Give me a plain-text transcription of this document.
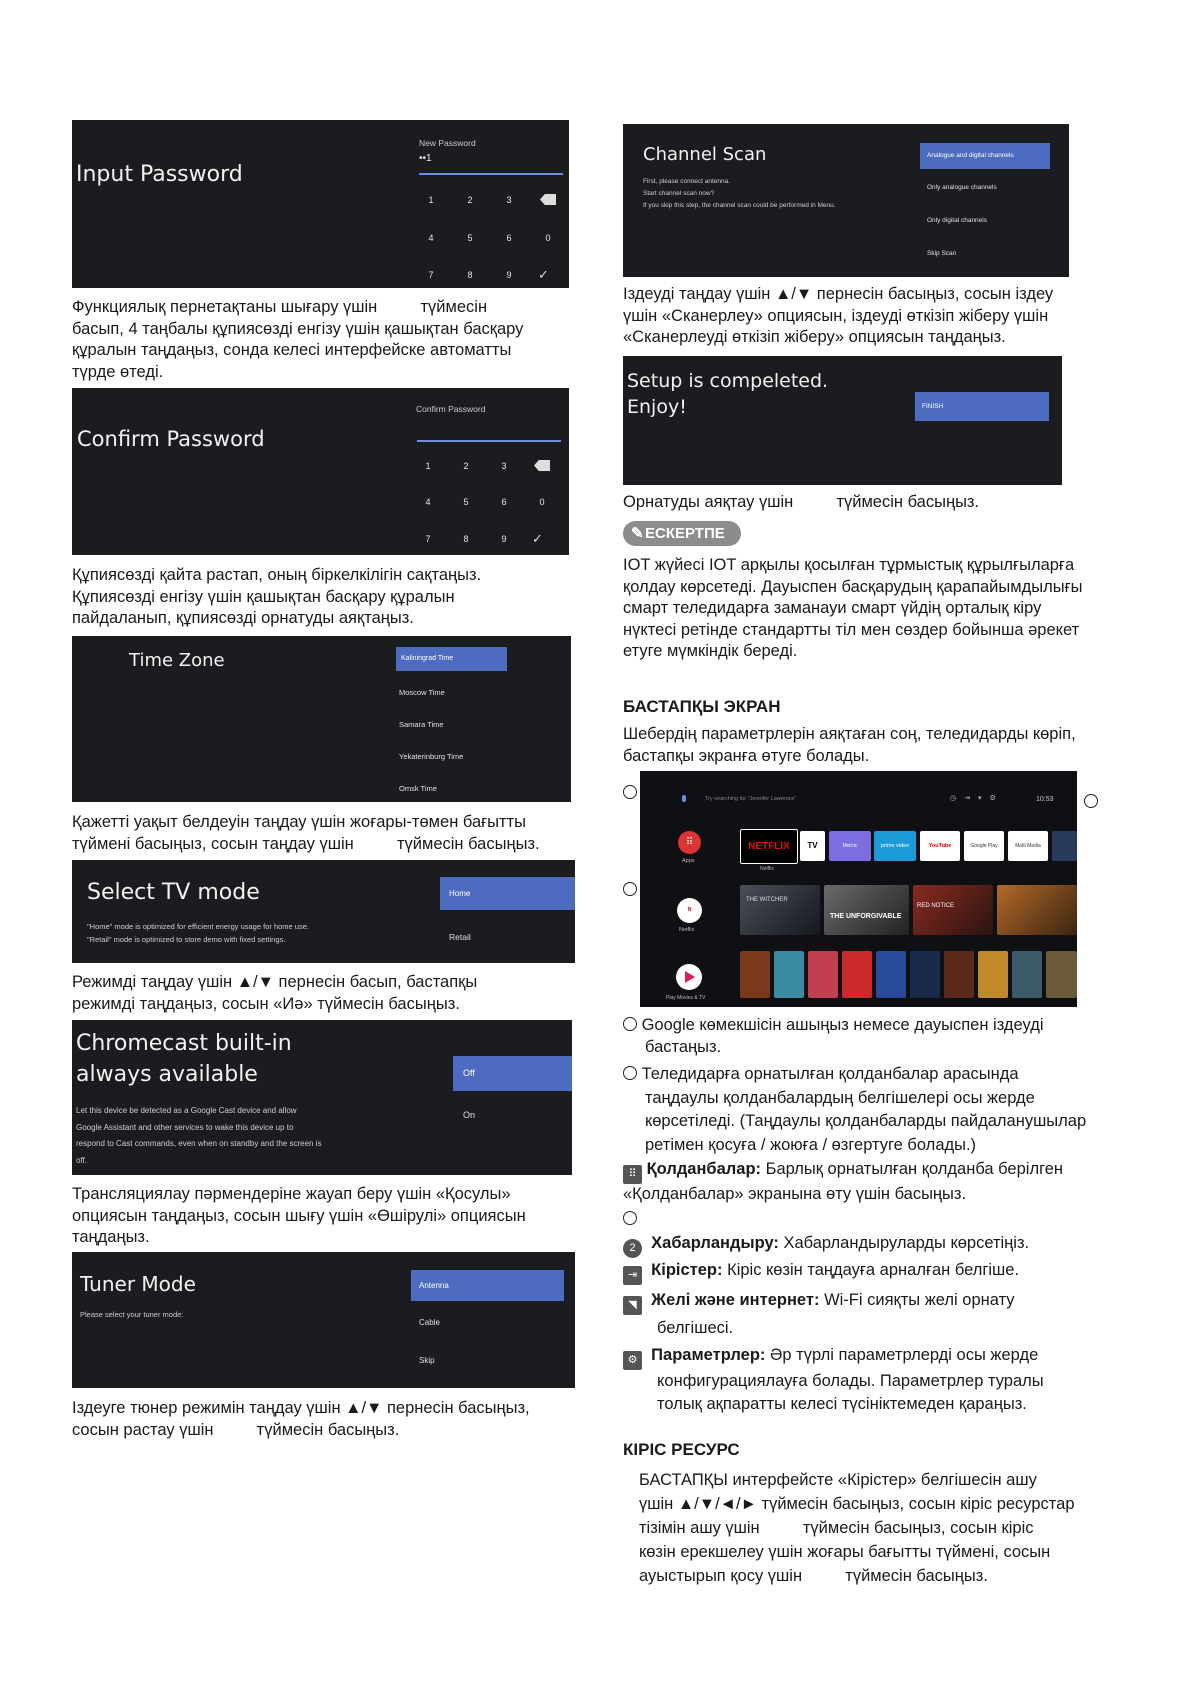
Input Password
New Password
••1
1	2	3
4	5	6	0
7	8	9	✓
Функциялық пернетақтаны шығару үшін	түймесін
басып, 4 таңбалы құпиясөзді енгізу үшін қашықтан басқару
құралын таңдаңыз, сонда келесі интерфейске автоматты
түрде өтеді.
Confirm Password
Confirm Password
1	2	3
4	5	6	0
7	8	9	✓
Құпиясөзді қайта растап, оның біркелкілігін сақтаңыз.
Құпиясөзді енгізу үшін қашықтан басқару құралын
пайдаланып, құпиясөзді орнатуды аяқтаңыз.
Time Zone	Kaliningrad Time
Moscow Time
Samara Time
Yekaterinburg Time
Omsk Time
Қажетті уақыт белдеуін таңдау үшін жоғары-төмен бағытты
түймені басыңыз, сосын таңдау үшін	түймесін басыңыз.
Select TV mode
"Home" mode is optimized for efficient energy usage for home use.
"Retail" mode is optimized to store demo with fixed settings.
Home
Retail
Режимді таңдау үшін ▲/▼ пернесін басып, бастапқы
режимді таңдаңыз, сосын «Иә» түймесін басыңыз.
Chromecast built-in
always available
Let this device be detected as a Google Cast device and allow
Google Assistant and other services to wake this device up to
respond to Cast commands, even when on standby and the screen is
off.
Off
On
Трансляциялау пәрмендеріне жауап беру үшін «Қосулы»
опциясын таңдаңыз, сосын шығу үшін «Өшірулі» опциясын
таңдаңыз.
Tuner Mode
Please select your tuner mode:
Antenna
Cable
Skip
Іздеуге тюнер режимін таңдау үшін ▲/▼ пернесін басыңыз,
сосын растау үшін	түймесін басыңыз.
Channel Scan
First, please connect antenna.
Start channel scan now?
If you skip this step, the channel scan could be performed in Menu.
Analogue and digital channels
Only analogue channels
Only digital channels
Skip Scan
Іздеуді таңдау үшін ▲/▼ пернесін басыңыз, сосын іздеу
үшін «Сканерлеу» опциясын, іздеуді өткізіп жіберу үшін
«Сканерлеуді өткізіп жіберу» опциясын таңдаңыз.
Setup is compeleted.
Enjoy!	FINISH
Орнатуды аяқтау үшін	түймесін басыңыз.
✎ЕСКЕРТПЕ
IOT жүйесі IOT арқылы қосылған тұрмыстық құрылғыларға
қолдау көрсетеді. Дауыспен басқарудың қарапайымдылығы
смарт теледидарға заманауи смарт үйдің орталық кіру
нүктесі ретінде стандартты тіл мен сөздер бойынша әрекет
етуге мүмкіндік береді.
БАСТАПҚЫ ЭКРАН
Шебердің параметрлерін аяқтаған соң, теледидарды көріп,
бастапқы экранға өтуге болады.
Try searching for "Jennifer Lawrence"	◷⇥▾⚙	10:53
⠿
Apps
N
Netflix
Play Movies & TV
NETFLIX
Netflix
TV	Mvirric	prime video	YouTube	Google Play	Multi Media
THE WITCHER
THE UNFORGIVABLE
RED NOTICE
Google көмекшісін ашыңыз немесе дауыспен іздеуді
бастаңыз.
Теледидарға орнатылған қолданбалар арасында
таңдаулы қолданбалардың белгішелері осы жерде
көрсетіледі. (Таңдаулы қолданбаларды пайдаланушылар
ретімен қосуға / жоюға / өзгертуге болады.)
⠿ Қолданбалар: Барлық орнатылған қолданба берілген
«Қолданбалар» экранына өту үшін басыңыз.
2 Хабарландыру: Хабарландыруларды көрсетіңіз.
⇥ Кірістер: Кіріс көзін таңдауға арналған белгіше.
◥ Желі және интернет: Wi-Fi сияқты желі орнату
белгішесі.
⚙ Параметрлер: Әр түрлі параметрлерді осы жерде
конфигурациялауға болады. Параметрлер туралы
толық ақпаратты келесі түсініктемеден қараңыз.
КІРІС РЕСУРС
БАСТАПҚЫ интерфейсте «Кірістер» белгішесін ашу
үшін ▲/▼/◄/► түймесін басыңыз, сосын кіріс ресурстар
тізімін ашу үшін	түймесін басыңыз, сосын кіріс
көзін ерекшелеу үшін жоғары бағытты түймені, сосын
ауыстырып қосу үшін	түймесін басыңыз.
